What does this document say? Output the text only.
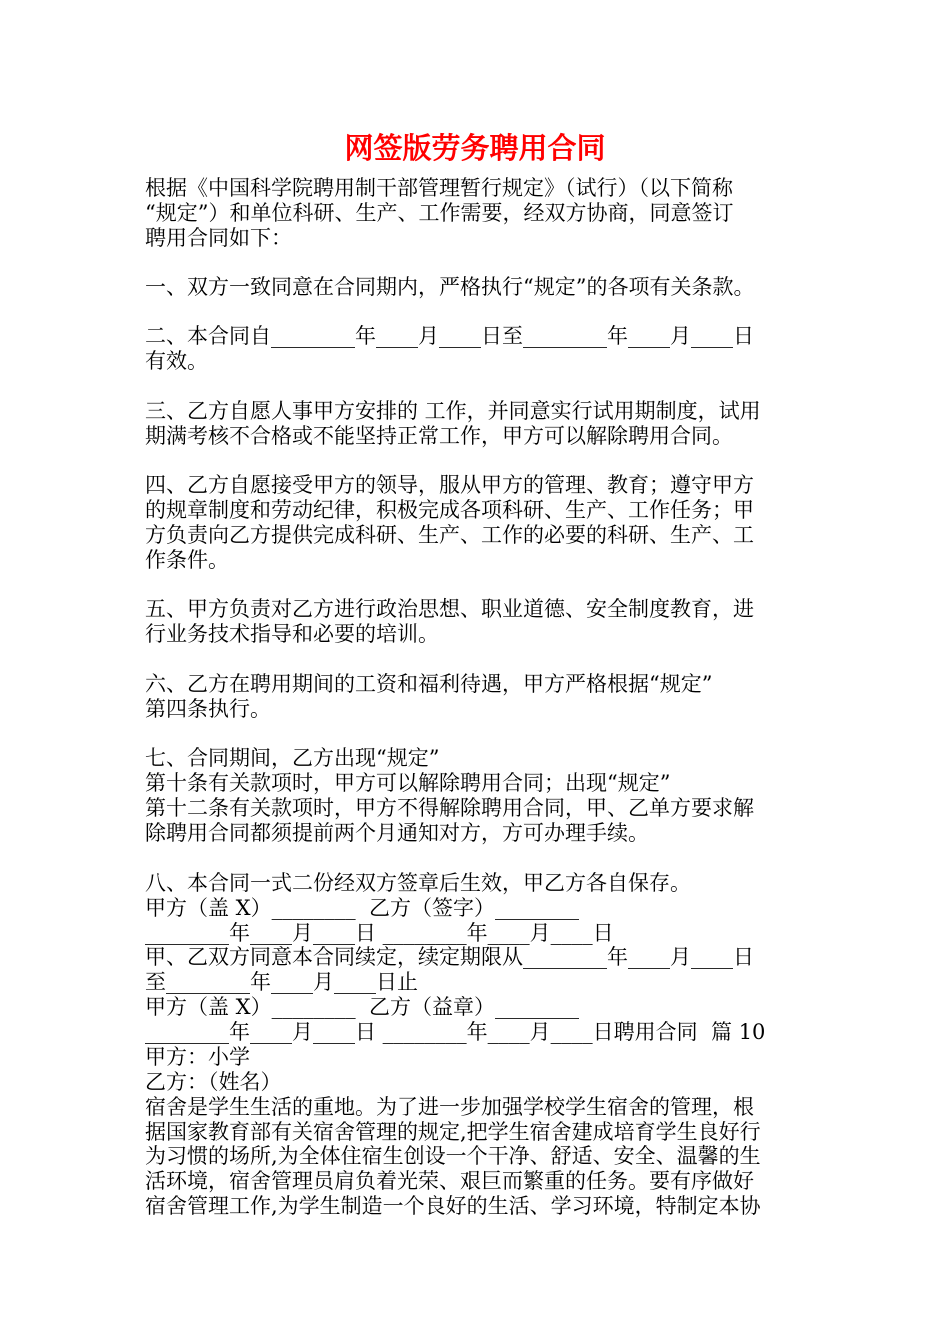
网签版劳务聘用合同
根据《中国科学院聘用制干部管理暂行规定》（试行）（以下简称
“规定”）和单位科研、生产、工作需要，经双方协商，同意签订
聘用合同如下：
一、双方一致同意在合同期内，严格执行“规定”的各项有关条款。
二、本合同自________年____月____日至________年____月____日
有效。
三、乙方自愿人事甲方安排的 工作，并同意实行试用期制度，试用
期满考核不合格或不能坚持正常工作，甲方可以解除聘用合同。
四、乙方自愿接受甲方的领导，服从甲方的管理、教育；遵守甲方
的规章制度和劳动纪律，积极完成各项科研、生产、工作任务；甲
方负责向乙方提供完成科研、生产、工作的必要的科研、生产、工
作条件。
五、甲方负责对乙方进行政治思想、职业道德、安全制度教育，进
行业务技术指导和必要的培训。
六、乙方在聘用期间的工资和福利待遇，甲方严格根据“规定”
第四条执行。
七、合同期间，乙方出现“规定”
第十条有关款项时，甲方可以解除聘用合同；出现“规定”
第十二条有关款项时，甲方不得解除聘用合同，甲、乙单方要求解
除聘用合同都须提前两个月通知对方，方可办理手续。
八、本合同一式二份经双方签章后生效，甲乙方各自保存。
甲方（盖 X）________  乙方（签字）________
________年____月____日 ________年____月____日
甲、乙双方同意本合同续定，续定期限从________年____月____日
至________年____月____日止
甲方（盖 X）________  乙方（益章）________
________年____月____日 ________年____月____日聘用合同  篇 10
甲方：小学
乙方：（姓名）
宿舍是学生生活的重地。为了进一步加强学校学生宿舍的管理，根
据国家教育部有关宿舍管理的规定,把学生宿舍建成培育学生良好行
为习惯的场所,为全体住宿生创设一个干净、舒适、安全、温馨的生
活环境，宿舍管理员肩负着光荣、艰巨而繁重的任务。要有序做好
宿舍管理工作,为学生制造一个良好的生活、学习环境，特制定本协
